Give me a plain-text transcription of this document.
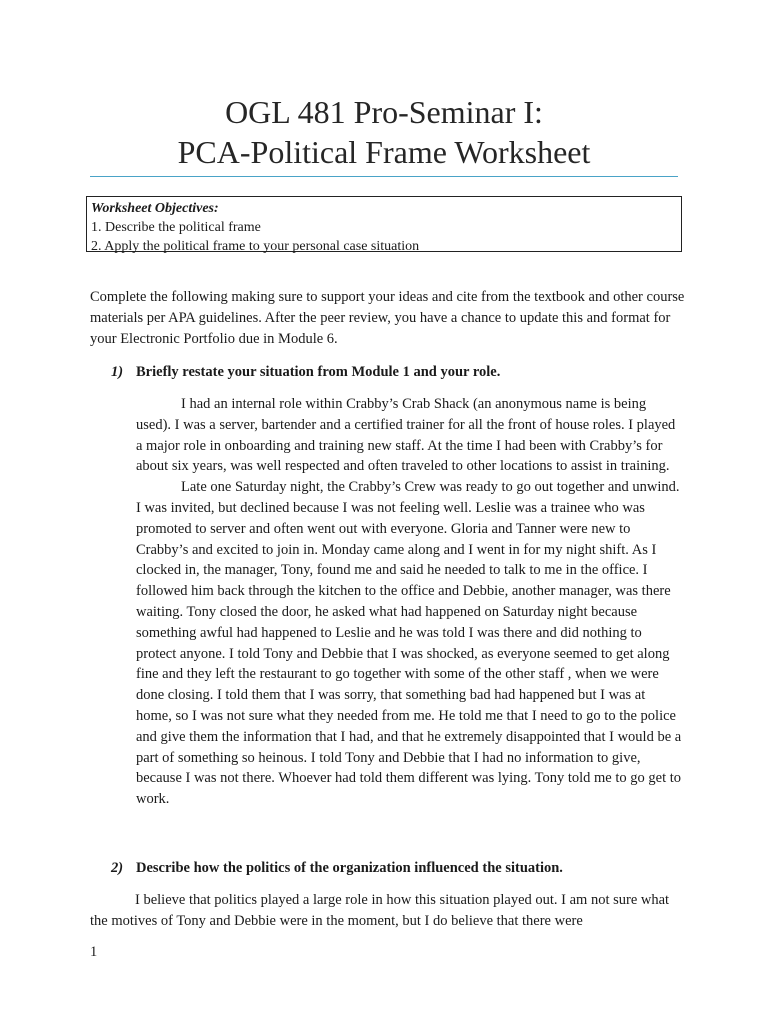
OGL 481 Pro-Seminar I:
PCA-Political Frame Worksheet
Worksheet Objectives:
1. Describe the political frame
2. Apply the political frame to your personal case situation

Complete the following making sure to support your ideas and cite from the textbook and other course materials per APA guidelines. After the peer review, you have a chance to update this and format for your Electronic Portfolio due in Module 6.

1) Briefly restate your situation from Module 1 and your role.

I had an internal role within Crabby’s Crab Shack (an anonymous name is being used). I was a server, bartender and a certified trainer for all the front of house roles. I played a major role in onboarding and training new staff. At the time I had been with Crabby’s for about six years, was well respected and often traveled to other locations to assist in training.

Late one Saturday night, the Crabby’s Crew was ready to go out together and unwind. I was invited, but declined because I was not feeling well. Leslie was a trainee who was promoted to server and often went out with everyone. Gloria and Tanner were new to Crabby’s and excited to join in. Monday came along and I went in for my night shift. As I clocked in, the manager, Tony, found me and said he needed to talk to me in the office. I followed him back through the kitchen to the office and Debbie, another manager, was there waiting. Tony closed the door, he asked what had happened on Saturday night because something awful had happened to Leslie and he was told I was there and did nothing to protect anyone. I told Tony and Debbie that I was shocked, as everyone seemed to get along fine and they left the restaurant to go together with some of the other staff , when we were done closing. I told them that I was sorry, that something bad had happened but I was at home, so I was not sure what they needed from me. He told me that I need to go to the police and give them the information that I had, and that he extremely disappointed that I would be a part of something so heinous. I told Tony and Debbie that I had no information to give, because I was not there. Whoever had told them different was lying. Tony told me to go get to work.

2) Describe how the politics of the organization influenced the situation.

I believe that politics played a large role in how this situation played out. I am not sure what the motives of Tony and Debbie were in the moment, but I do believe that there were

1
